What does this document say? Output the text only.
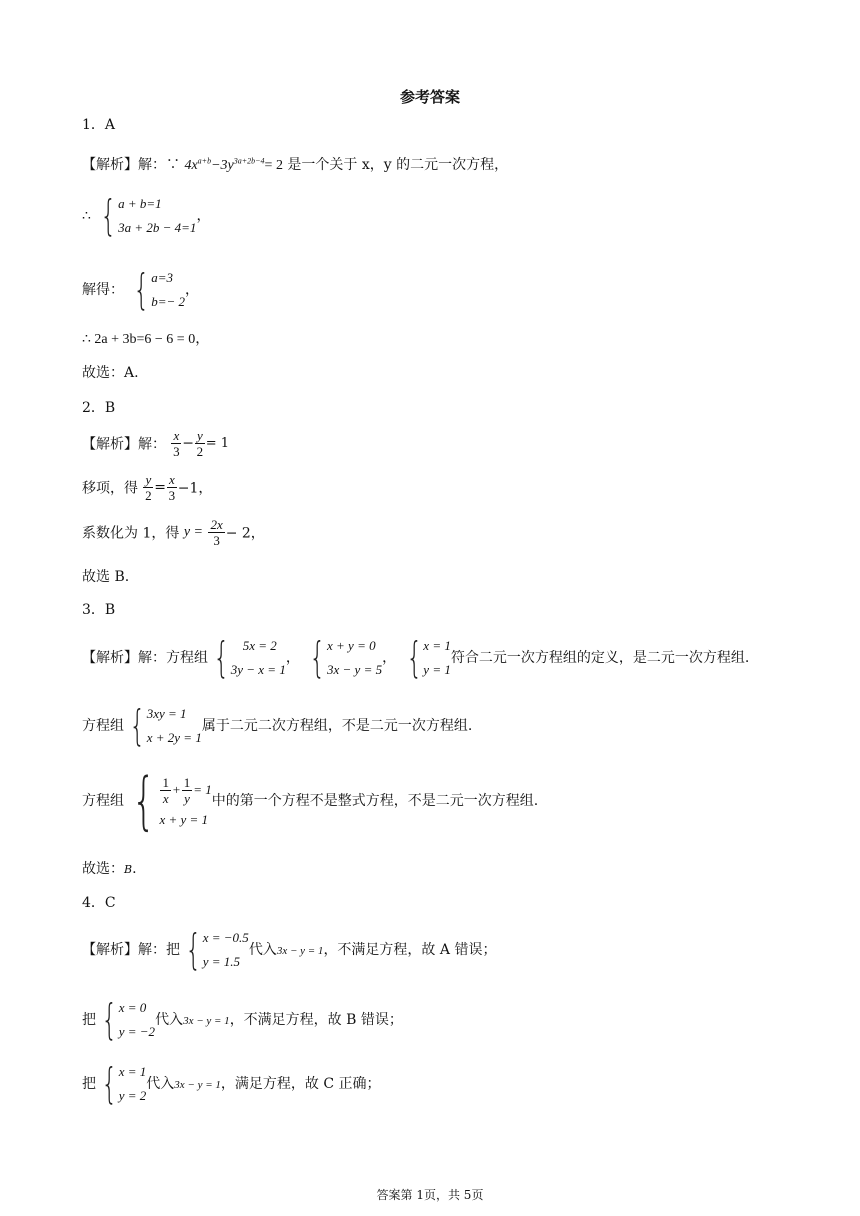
参考答案
1．A
【解析】解：∵ $4x^{a+b}-3y^{3a+2b-4}= 2$ 是一个关于 x，y 的二元一次方程，
∴ { a + b=1
3a + 2b − 4=1
，
解得： { a=3
b=− 2
，
∴ 2a + 3b=6 − 6 = 0，
故选：A.
2．B
【解析】解： $\frac{x}{3} - \frac{y}{2} = 1$
移项，得 $\frac{y}{2} = \frac{x}{3} -1$，
系数化为 1，得 $y = \frac{2x}{3} - 2$，
故选 B.
3．B
【解析】解：方程组 {	5x = 2
3y − x = 1
， { x + y = 0
3x − y = 5
， { x = 1
y = 1
符合二元一次方程组的定义，是二元一次方程组.
方程组 { 3xy = 1
x + 2y = 1
属于二元二次方程组，不是二元一次方程组.
方程组 { $\frac{1}{x} + \frac{1}{y} = 1$
x + y = 1
中的第一个方程不是整式方程，不是二元一次方程组.
故选：B.
4．C
【解析】解：把 { x = −0.5
y = 1.5
代入3x − y = 1，不满足方程，故 A 错误；
把 { x = 0
y = −2
代入3x − y = 1，不满足方程，故 B 错误；
把 { x = 1
y = 2
代入3x − y = 1，满足方程，故 C 正确；
答案第 1页，共 5页
